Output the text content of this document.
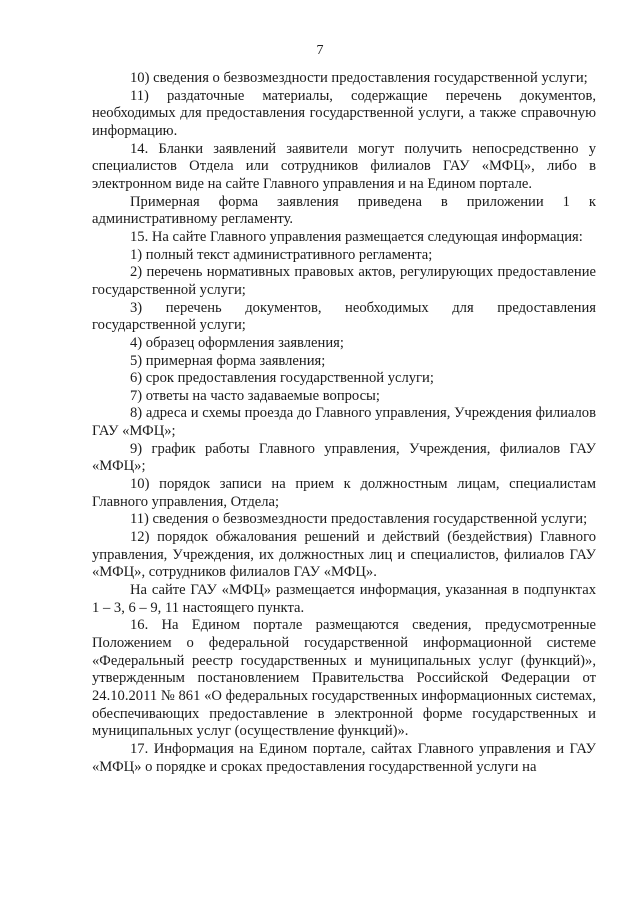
7

10) сведения о безвозмездности предоставления государственной услуги;

11) раздаточные материалы, содержащие перечень документов, необходимых для предоставления государственной услуги, а также справочную информацию.

14. Бланки заявлений заявители могут получить непосредственно у специалистов Отдела или сотрудников филиалов ГАУ «МФЦ», либо в электронном виде на сайте Главного управления и на Едином портале.

Примерная форма заявления приведена в приложении 1 к административному регламенту.

15. На сайте Главного управления размещается следующая информация:

1) полный текст административного регламента;

2) перечень нормативных правовых актов, регулирующих предоставление государственной услуги;

3) перечень документов, необходимых для предоставления государственной услуги;

4) образец оформления заявления;

5) примерная форма заявления;

6) срок предоставления государственной услуги;

7) ответы на часто задаваемые вопросы;

8) адреса и схемы проезда до Главного управления, Учреждения филиалов ГАУ «МФЦ»;

9) график работы Главного управления, Учреждения, филиалов ГАУ «МФЦ»;

10) порядок записи на прием к должностным лицам, специалистам Главного управления, Отдела;

11) сведения о безвозмездности предоставления государственной услуги;

12) порядок обжалования решений и действий (бездействия) Главного управления, Учреждения, их должностных лиц и специалистов, филиалов ГАУ «МФЦ», сотрудников филиалов ГАУ «МФЦ».

На сайте ГАУ «МФЦ» размещается информация, указанная в подпунктах 1 – 3, 6 – 9, 11 настоящего пункта.

16. На Едином портале размещаются сведения, предусмотренные Положением о федеральной государственной информационной системе «Федеральный реестр государственных и муниципальных услуг (функций)», утвержденным постановлением Правительства Российской Федерации от 24.10.2011 № 861 «О федеральных государственных информационных системах, обеспечивающих предоставление в электронной форме государственных и муниципальных услуг (осуществление функций)».

17. Информация на Едином портале, сайтах Главного управления и ГАУ «МФЦ» о порядке и сроках предоставления государственной услуги на
